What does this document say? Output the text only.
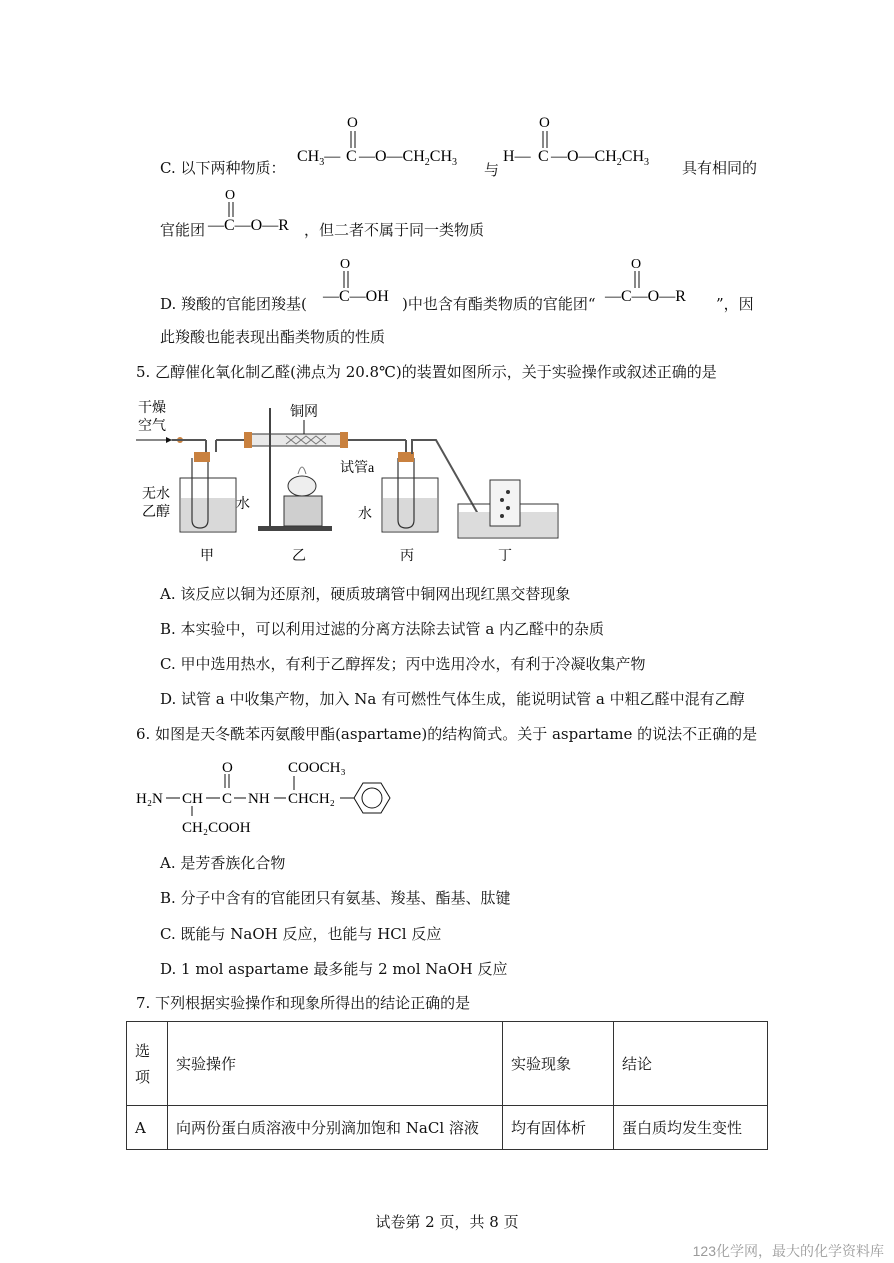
C. 以下两种物质：
$CH_3—$ C
O
$—O—CH_2CH_3$ 与
H— C
O
$—O—CH_2CH_3$ 具有相同的
官能团 —C—O—R
O
，但二者不属于同一类物质
D. 羧酸的官能团羧基( —C—OH
O
)中也含有酯类物质的官能团“ —C—O—R
O
”，因
此羧酸也能表现出酯类物质的性质
5. 乙醇催化氧化制乙醛(沸点为 20.8℃)的装置如图所示，关于实验操作或叙述正确的是
干燥
空气
无水
乙醇
水
甲
铜网
乙
试管a
水
丙	丁
A. 该反应以铜为还原剂，硬质玻璃管中铜网出现红黑交替现象
B. 本实验中，可以利用过滤的分离方法除去试管 a 内乙醛中的杂质
C. 甲中选用热水，有利于乙醇挥发；丙中选用冷水，有利于冷凝收集产物
D. 试管 a 中收集产物，加入 Na 有可燃性气体生成，能说明试管 a 中粗乙醛中混有乙醇
6. 如图是天冬酰苯丙氨酸甲酯(aspartame)的结构简式。关于 aspartame 的说法不正确的是
H₂N CH C
O
NH CHCH₂
COOCH₃
CH₂COOH
A. 是芳香族化合物
B. 分子中含有的官能团只有氨基、羧基、酯基、肽键
C. 既能与 NaOH 反应，也能与 HCl 反应
D. 1 mol aspartame 最多能与 2 mol NaOH 反应
7. 下列根据实验操作和现象所得出的结论正确的是
选项	实验操作	实验现象	结论
A	向两份蛋白质溶液中分别滴加饱和 NaCl 溶液	均有固体析	蛋白质均发生变性
试卷第 2 页，共 8 页
123化学网，最大的化学资料库
